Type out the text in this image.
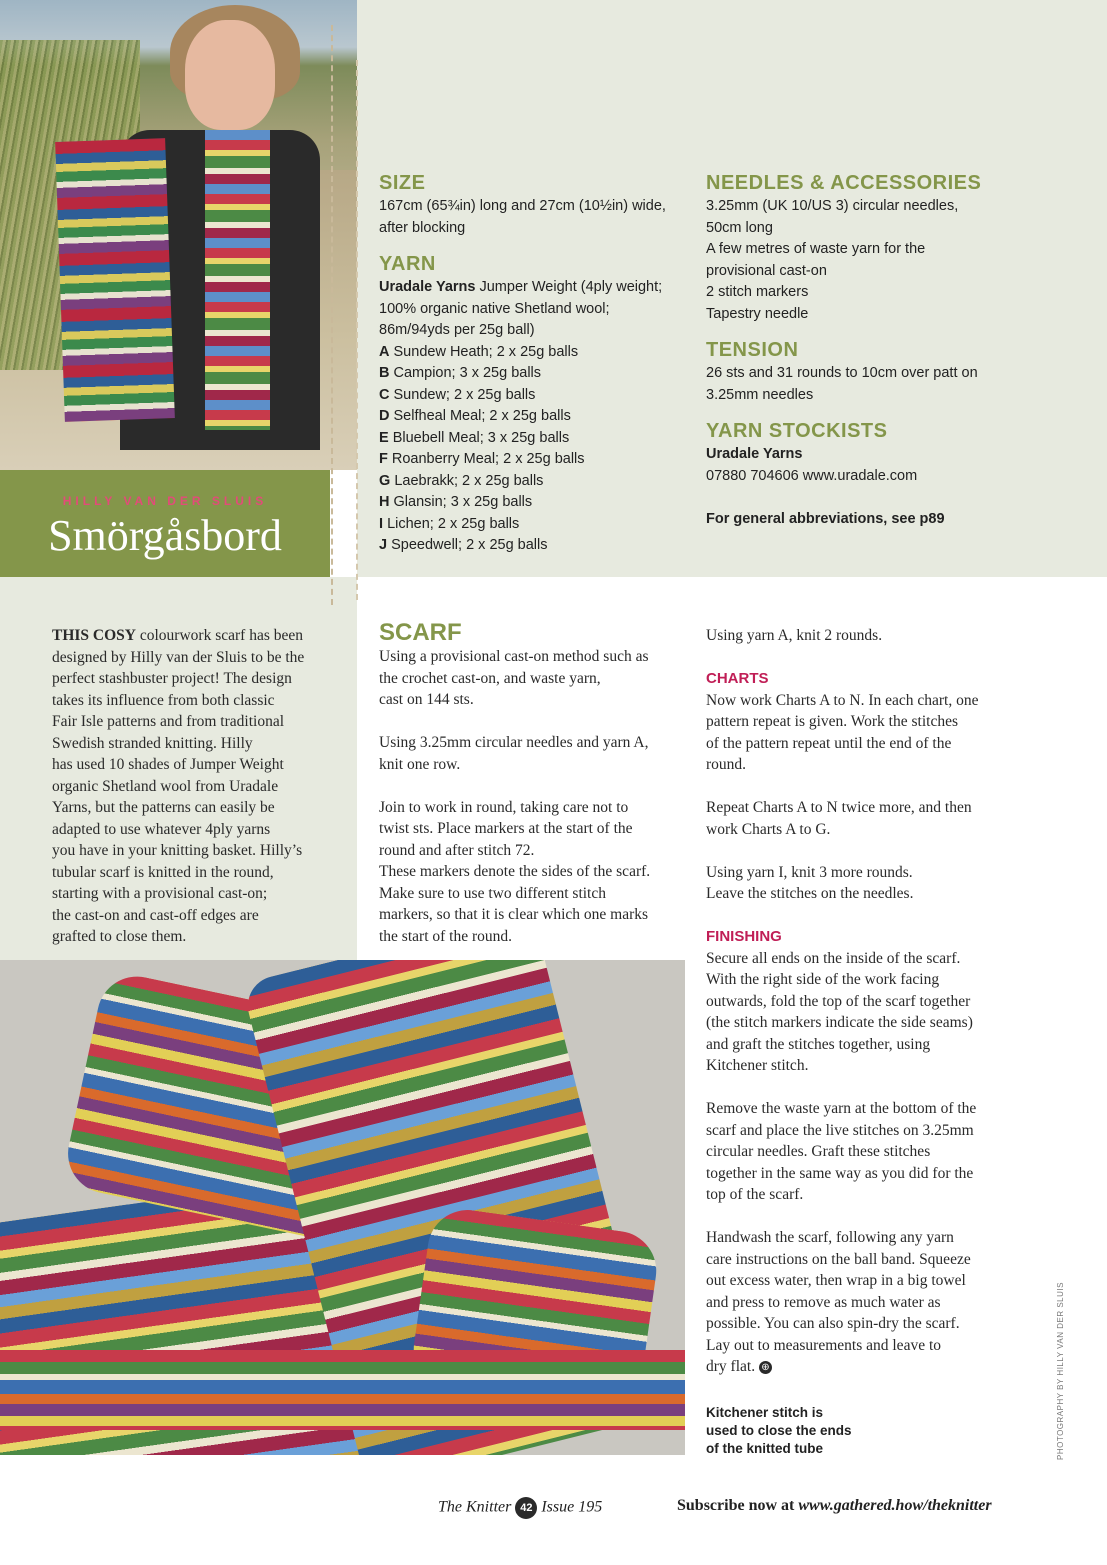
HILLY VAN DER SLUIS
Smörgåsbord
SIZE
167cm (65¾in) long and 27cm (10½in) wide,
after blocking
YARN
Uradale Yarns Jumper Weight (4ply weight;
100% organic native Shetland wool;
86m/94yds per 25g ball)
A Sundew Heath; 2 x 25g balls
B Campion; 3 x 25g balls
C Sundew; 2 x 25g balls
D Selfheal Meal; 2 x 25g balls
E Bluebell Meal; 3 x 25g balls
F Roanberry Meal; 2 x 25g balls
G Laebrakk; 2 x 25g balls
H Glansin; 3 x 25g balls
I Lichen; 2 x 25g balls
J Speedwell; 2 x 25g balls
NEEDLES & ACCESSORIES
3.25mm (UK 10/US 3) circular needles,
50cm long
A few metres of waste yarn for the
provisional cast-on
2 stitch markers
Tapestry needle
TENSION
26 sts and 31 rounds to 10cm over patt on
3.25mm needles
YARN STOCKISTS
Uradale Yarns
07880 704606 www.uradale.com
For general abbreviations, see p89
THIS COSY colourwork scarf has been
designed by Hilly van der Sluis to be the
perfect stashbuster project! The design
takes its influence from both classic
Fair Isle patterns and from traditional
Swedish stranded knitting. Hilly
has used 10 shades of Jumper Weight
organic Shetland wool from Uradale
Yarns, but the patterns can easily be
adapted to use whatever 4ply yarns
you have in your knitting basket. Hilly’s
tubular scarf is knitted in the round,
starting with a provisional cast-on;
the cast-on and cast-off edges are
grafted to close them.
SCARF
Using a provisional cast-on method such as
the crochet cast-on, and waste yarn,
cast on 144 sts.
Using 3.25mm circular needles and yarn A,
knit one row.
Join to work in round, taking care not to
twist sts. Place markers at the start of the
round and after stitch 72.
These markers denote the sides of the scarf.
Make sure to use two different stitch
markers, so that it is clear which one marks
the start of the round.
Using yarn A, knit 2 rounds.
CHARTS
Now work Charts A to N. In each chart, one
pattern repeat is given. Work the stitches
of the pattern repeat until the end of the
round.
Repeat Charts A to N twice more, and then
work Charts A to G.
Using yarn I, knit 3 more rounds.
Leave the stitches on the needles.
FINISHING
Secure all ends on the inside of the scarf.
With the right side of the work facing
outwards, fold the top of the scarf together
(the stitch markers indicate the side seams)
and graft the stitches together, using
Kitchener stitch.
Remove the waste yarn at the bottom of the
scarf and place the live stitches on 3.25mm
circular needles. Graft these stitches
together in the same way as you did for the
top of the scarf.
Handwash the scarf, following any yarn
care instructions on the ball band. Squeeze
out excess water, then wrap in a big towel
and press to remove as much water as
possible. You can also spin-dry the scarf.
Lay out to measurements and leave to
dry flat. ⊕
Kitchener stitch is
used to close the ends
of the knitted tube	PHOTOGRAPHY BY HILLY VAN DER SLUIS
The Knitter 42 Issue 195	Subscribe now at www.gathered.how/theknitter
